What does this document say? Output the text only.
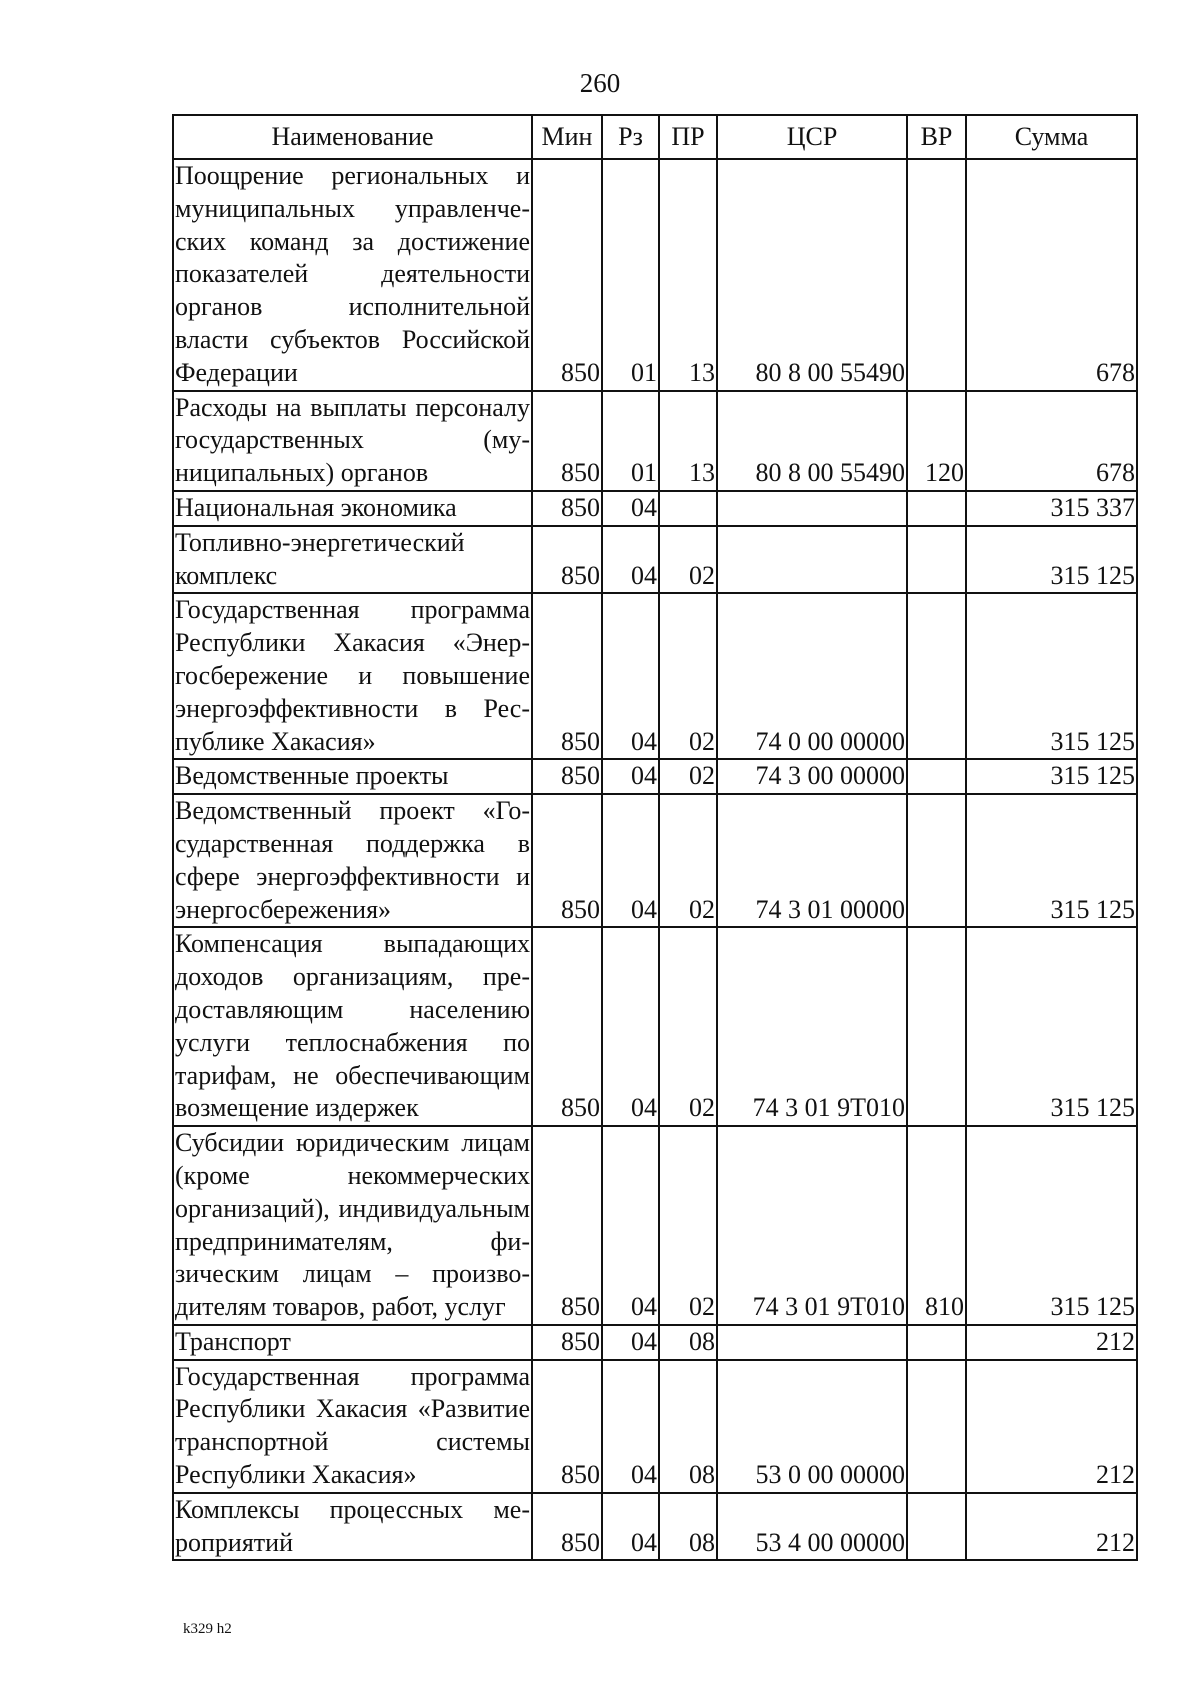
260
Наименование	Мин	Рз	ПР	ЦСР	ВР	Сумма
Поощрение региональных и муниципальных управленческих команд за достижение показателей деятельности органов исполнительной власти субъектов Российской Федерации	850	01	13	80 8 00 55490		678
Расходы на выплаты персоналу государственных (муниципальных) органов	850	01	13	80 8 00 55490	120	678
Национальная экономика	850	04				315 337
Топливно-энергетический комплекс	850	04	02			315 125
Государственная программа Республики Хакасия «Энергосбережение и повышение энергоэффективности в Республике Хакасия»	850	04	02	74 0 00 00000		315 125
Ведомственные проекты	850	04	02	74 3 00 00000		315 125
Ведомственный проект «Государственная поддержка в сфере энергоэффективности и энергосбережения»	850	04	02	74 3 01 00000		315 125
Компенсация выпадающих доходов организациям, предоставляющим населению услуги теплоснабжения по тарифам, не обеспечивающим возмещение издержек	850	04	02	74 3 01 9Т010		315 125
Субсидии юридическим лицам (кроме некоммерческих организаций), индивидуальным предпринимателям, физическим лицам – производителям товаров, работ, услуг	850	04	02	74 3 01 9Т010	810	315 125
Транспорт	850	04	08			212
Государственная программа Республики Хакасия «Развитие транспортной системы Республики Хакасия»	850	04	08	53 0 00 00000		212
Комплексы процессных мероприятий	850	04	08	53 4 00 00000		212
k329 h2
